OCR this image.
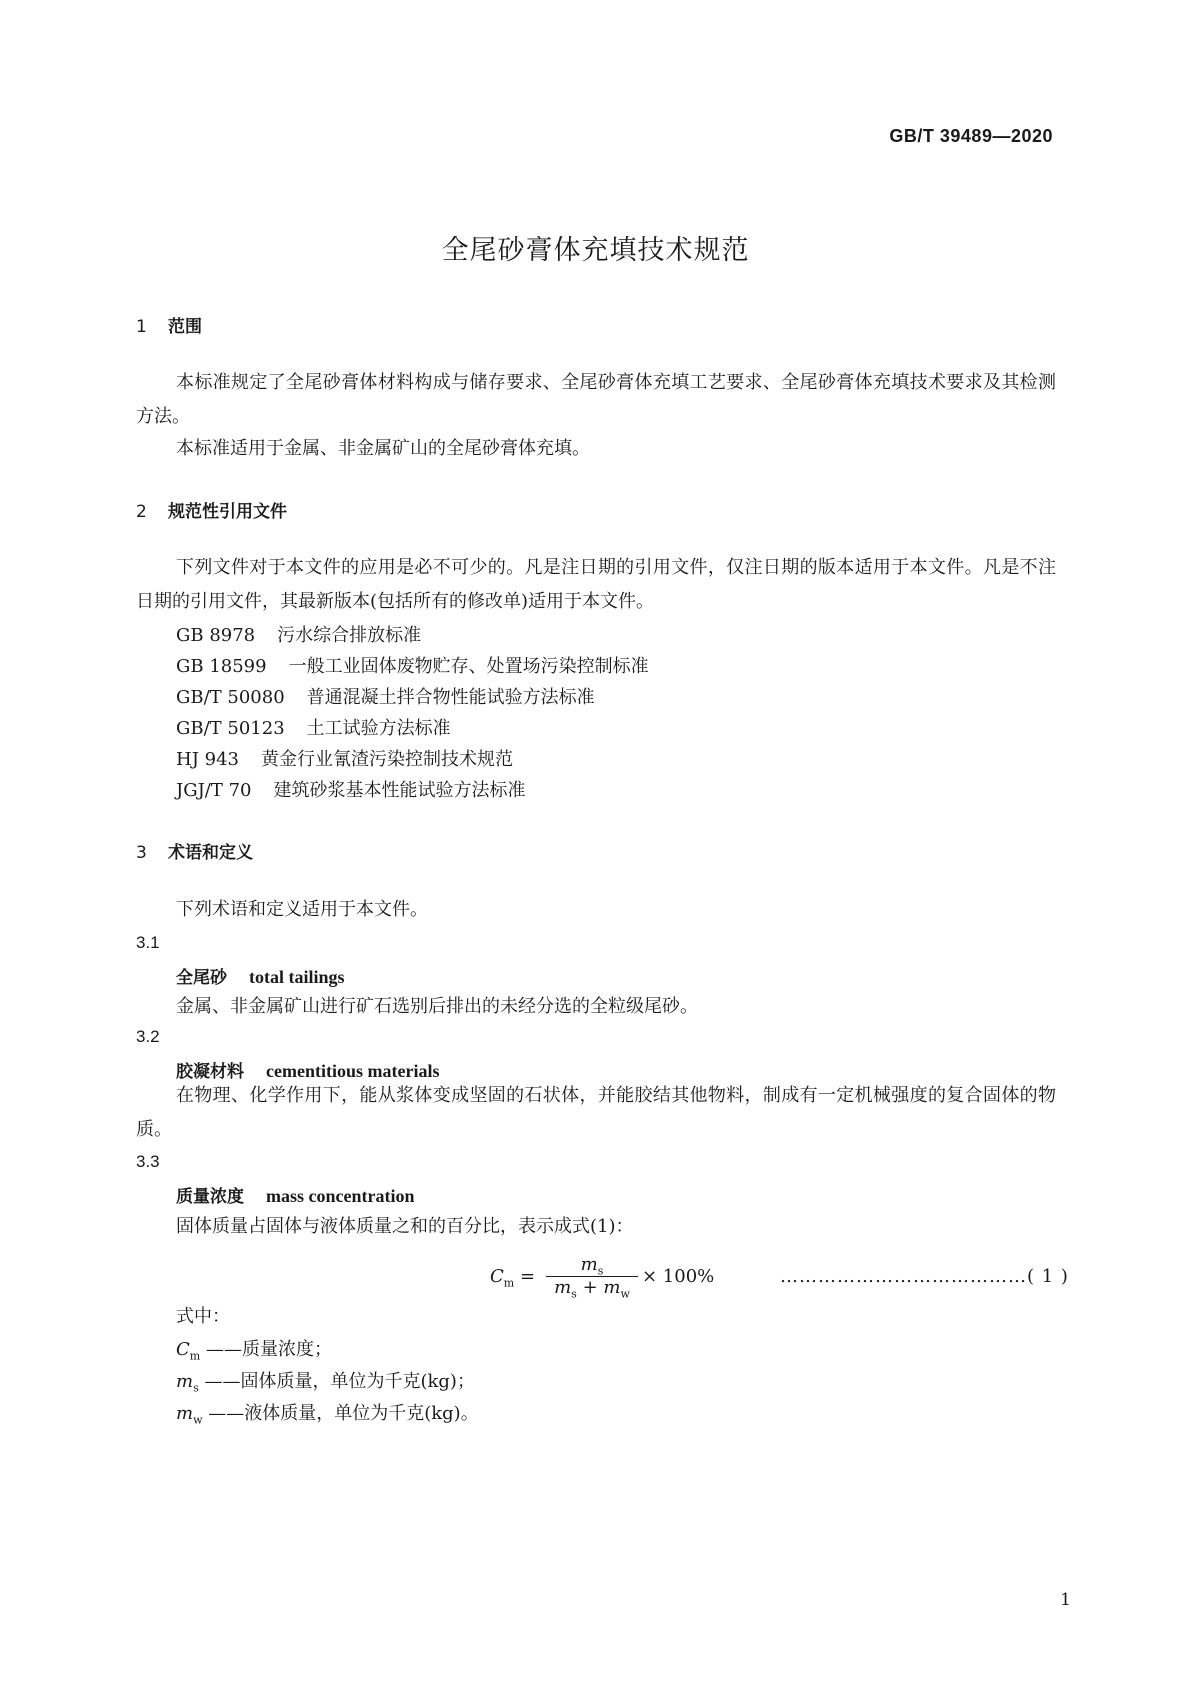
GB/T 39489—2020
全尾砂膏体充填技术规范
1 范围

本标准规定了全尾砂膏体材料构成与储存要求、全尾砂膏体充填工艺要求、全尾砂膏体充填技术要求及其检测方法。

本标准适用于金属、非金属矿山的全尾砂膏体充填。

2 规范性引用文件

下列文件对于本文件的应用是必不可少的。凡是注日期的引用文件，仅注日期的版本适用于本文件。凡是不注日期的引用文件，其最新版本(包括所有的修改单)适用于本文件。

GB 8978 污水综合排放标准
GB 18599 一般工业固体废物贮存、处置场污染控制标准
GB/T 50080 普通混凝土拌合物性能试验方法标准
GB/T 50123 土工试验方法标准
HJ 943 黄金行业氰渣污染控制技术规范
JGJ/T 70 建筑砂浆基本性能试验方法标准
3 术语和定义

下列术语和定义适用于本文件。

3.1
全尾砂 total tailings
金属、非金属矿山进行矿石选别后排出的未经分选的全粒级尾砂。
3.2
胶凝材料 cementitious materials

在物理、化学作用下，能从浆体变成坚固的石状体，并能胶结其他物料，制成有一定机械强度的复合固体的物质。

3.3
质量浓度 mass concentration
固体质量占固体与液体质量之和的百分比，表示成式(1)：
$C_m$ =
$m_s$
$m_s + m_w$
× 100%	…………………………………( 1 )
式中：
$C_m$ ——质量浓度；
$m_s$ ——固体质量，单位为千克(kg)；
$m_w$ ——液体质量，单位为千克(kg)。
1
